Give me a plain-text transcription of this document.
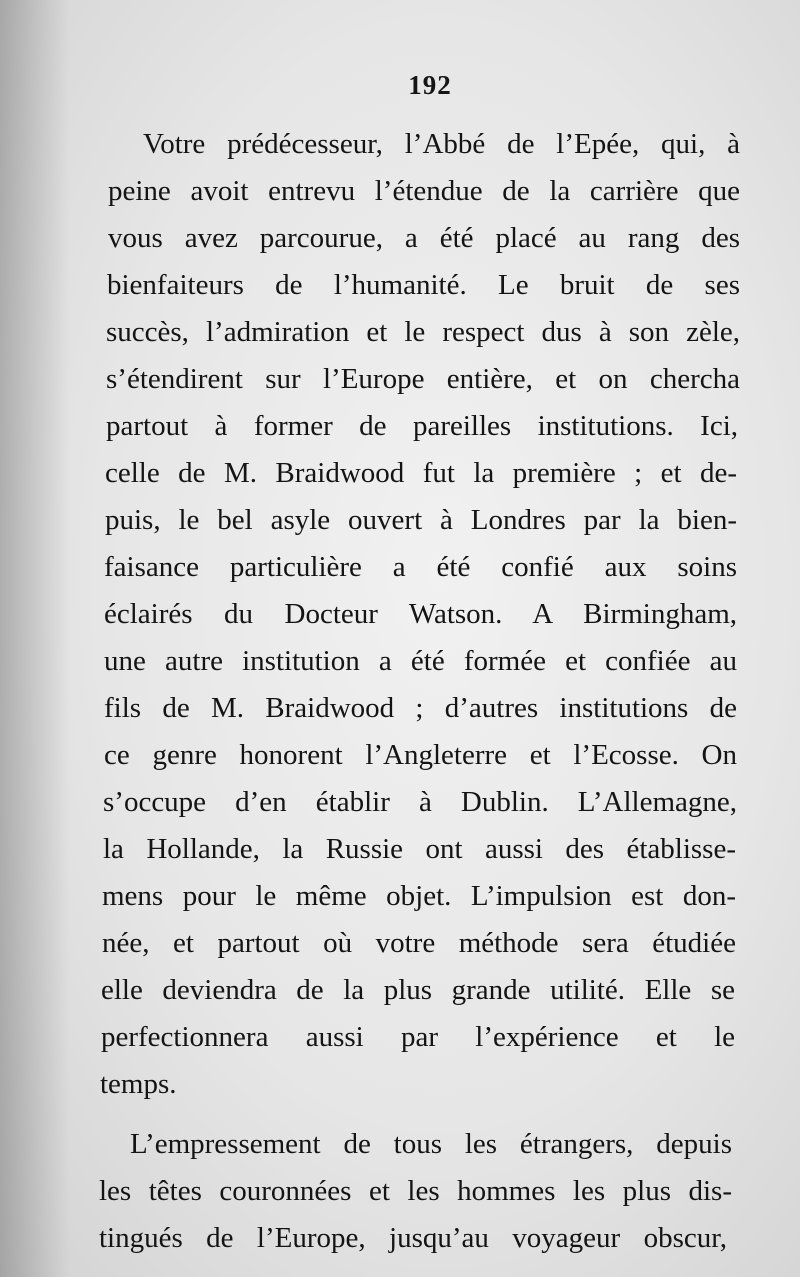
192
Votre prédécesseur, l’Abbé de l’Epée, qui, à
peine avoit entrevu l’étendue de la carrière que
vous avez parcourue, a été placé au rang des
bienfaiteurs de l’humanité. Le bruit de ses
succès, l’admiration et le respect dus à son zèle,
s’étendirent sur l’Europe entière, et on chercha
partout à former de pareilles institutions. Ici,
celle de M. Braidwood fut la première ; et de-
puis, le bel asyle ouvert à Londres par la bien-
faisance particulière a été confié aux soins
éclairés du Docteur Watson. A Birmingham,
une autre institution a été formée et confiée au
fils de M. Braidwood ; d’autres institutions de
ce genre honorent l’Angleterre et l’Ecosse. On
s’occupe d’en établir à Dublin. L’Allemagne,
la Hollande, la Russie ont aussi des établisse-
mens pour le même objet. L’impulsion est don-
née, et partout où votre méthode sera étudiée
elle deviendra de la plus grande utilité. Elle se
perfectionnera aussi par l’expérience et le
temps.
L’empressement de tous les étrangers, depuis
les têtes couronnées et les hommes les plus dis-
tingués de l’Europe, jusqu’au voyageur obscur,
